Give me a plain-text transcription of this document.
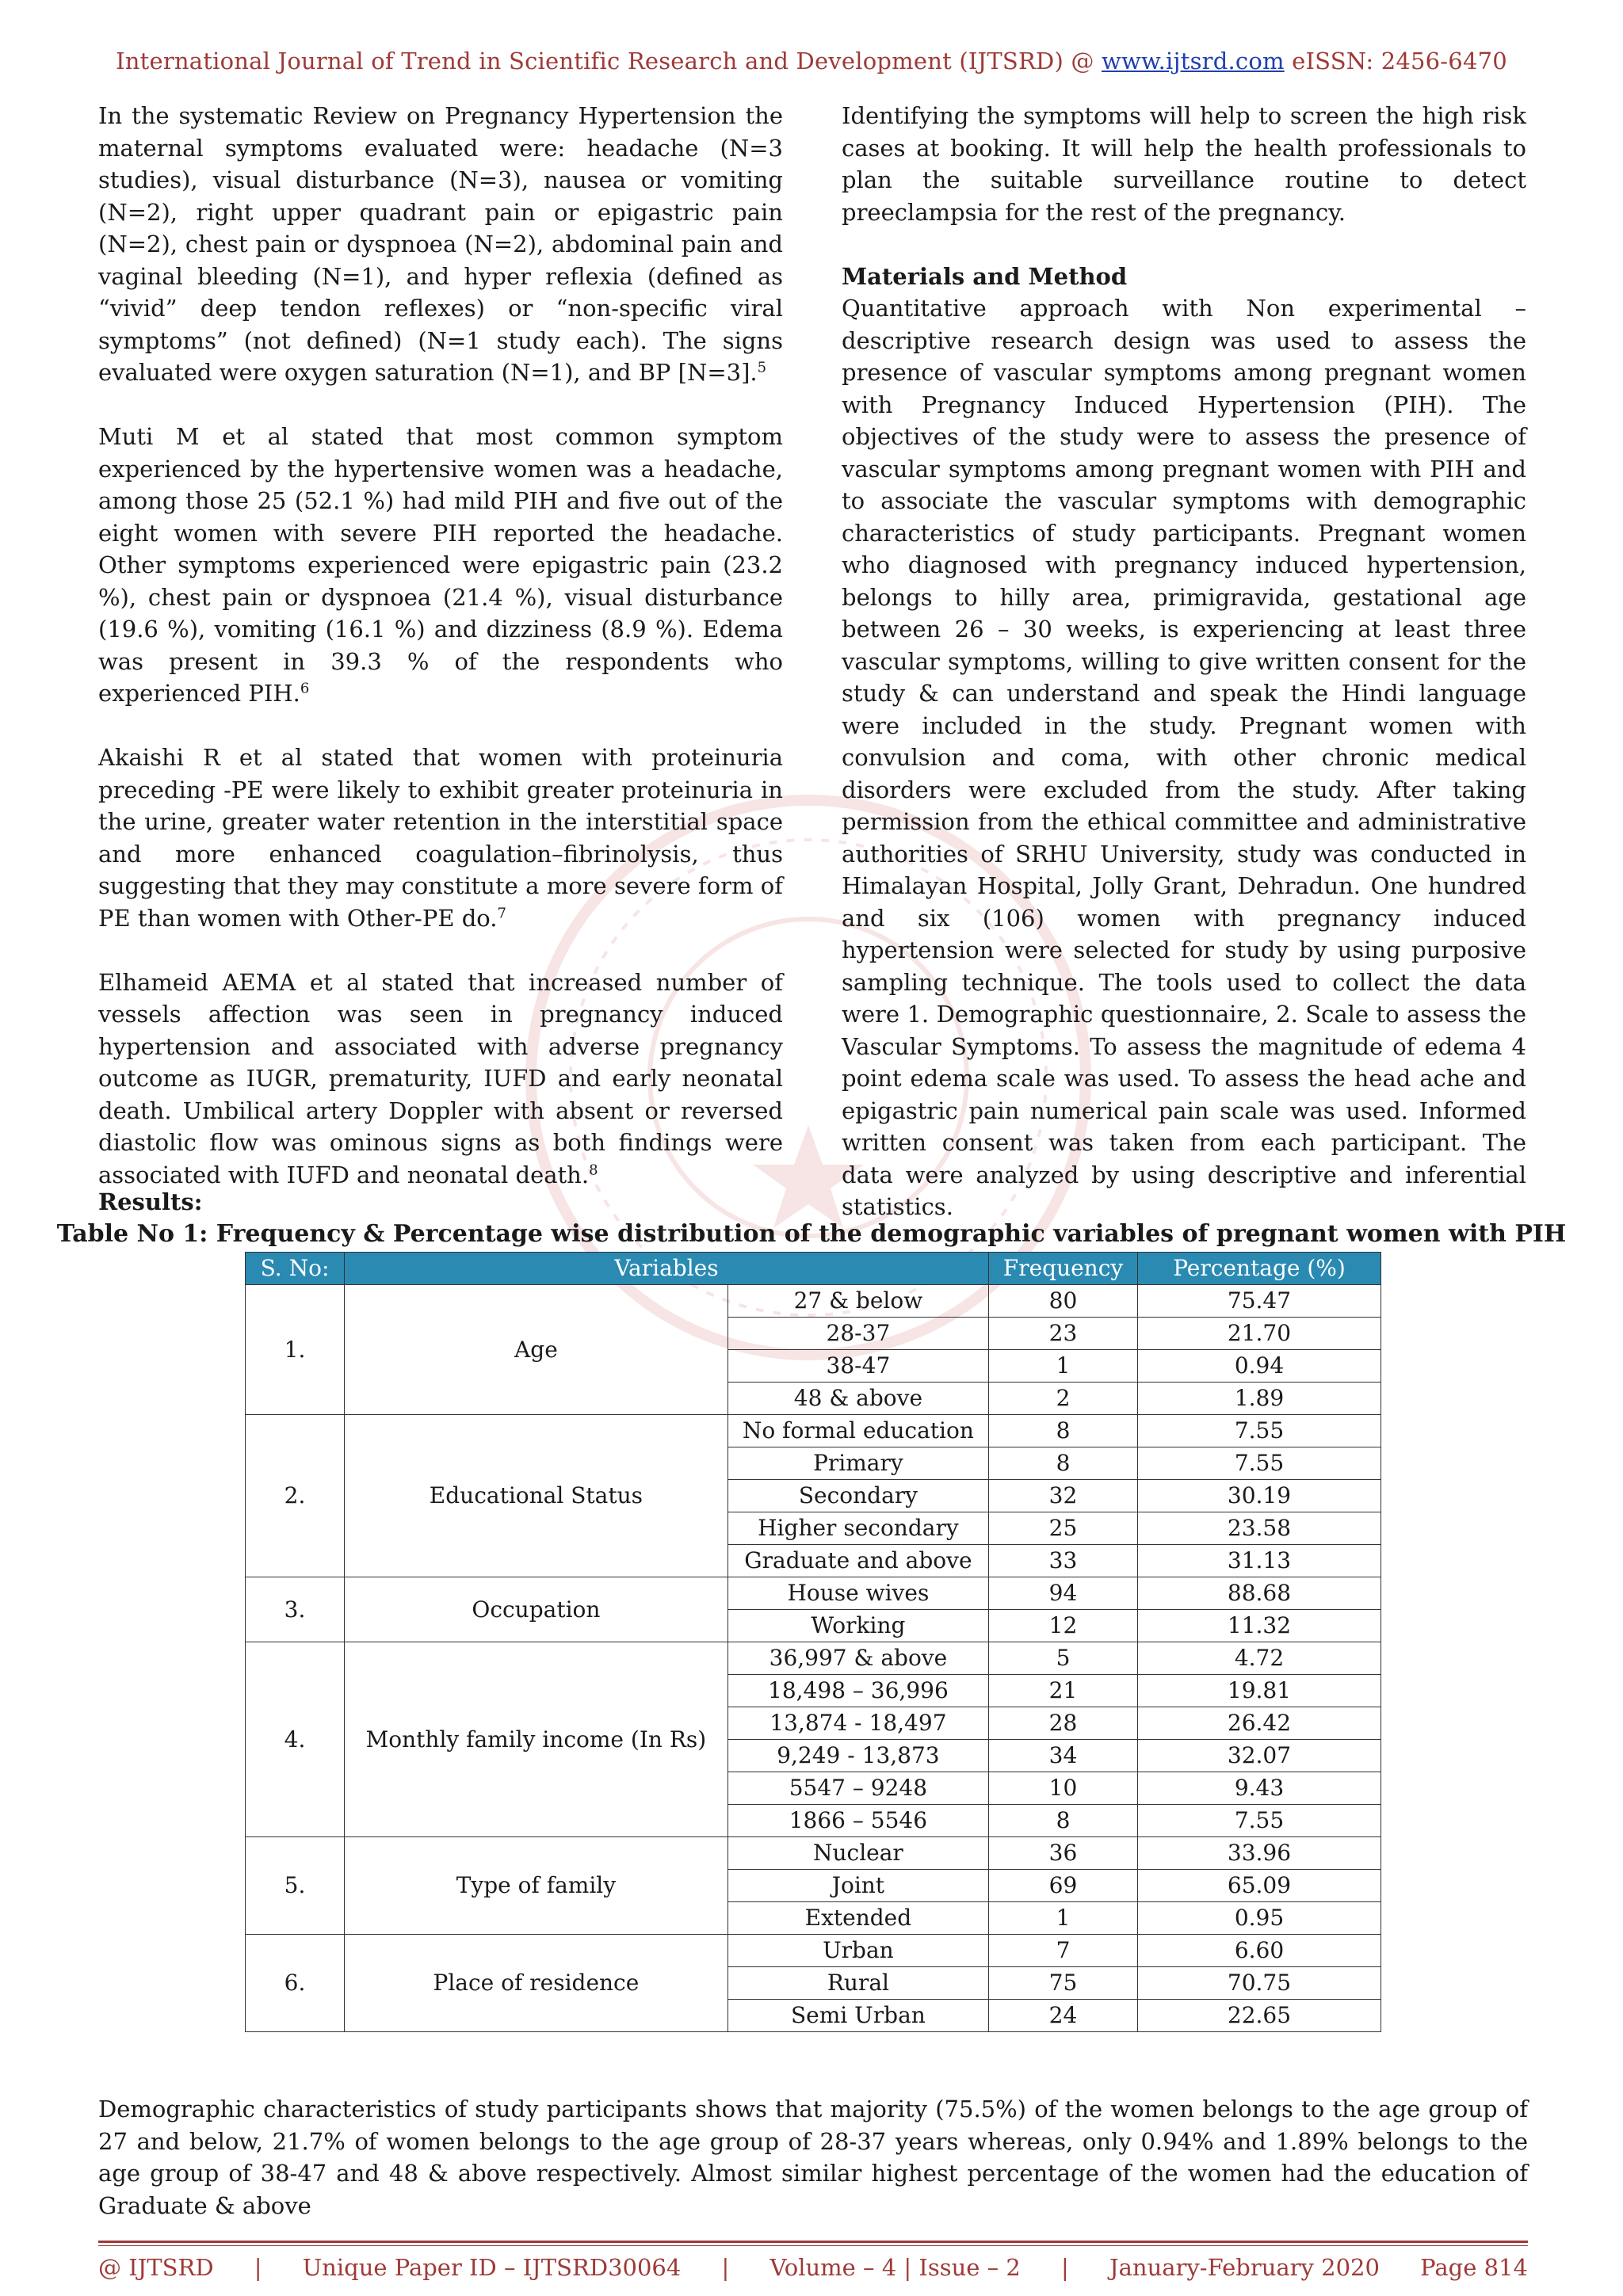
International Journal of Trend in Scientific Research and Development (IJTSRD) @ www.ijtsrd.com eISSN: 2456-6470

In the systematic Review on Pregnancy Hypertension the maternal symptoms evaluated were: headache (N=3 studies), visual disturbance (N=3), nausea or vomiting (N=2), right upper quadrant pain or epigastric pain (N=2), chest pain or dyspnoea (N=2), abdominal pain and vaginal bleeding (N=1), and hyper reflexia (defined as “vivid” deep tendon reflexes) or “non-specific viral symptoms” (not defined) (N=1 study each). The signs evaluated were oxygen saturation (N=1), and BP [N=3].$^5$

Muti M et al stated that most common symptom experienced by the hypertensive women was a headache, among those 25 (52.1 %) had mild PIH and five out of the eight women with severe PIH reported the headache. Other symptoms experienced were epigastric pain (23.2 %), chest pain or dyspnoea (21.4 %), visual disturbance (19.6 %), vomiting (16.1 %) and dizziness (8.9 %). Edema was present in 39.3 % of the respondents who experienced PIH.$^6$

Akaishi R et al stated that women with proteinuria preceding -PE were likely to exhibit greater proteinuria in the urine, greater water retention in the interstitial space and more enhanced coagulation–fibrinolysis, thus suggesting that they may constitute a more severe form of PE than women with Other-PE do.$^7$

Elhameid AEMA et al stated that increased number of vessels affection was seen in pregnancy induced hypertension and associated with adverse pregnancy outcome as IUGR, prematurity, IUFD and early neonatal death. Umbilical artery Doppler with absent or reversed diastolic flow was ominous signs as both findings were associated with IUFD and neonatal death.$^8$

Identifying the symptoms will help to screen the high risk cases at booking. It will help the health professionals to plan the suitable surveillance routine to detect preeclampsia for the rest of the pregnancy.

Materials and Method

Quantitative approach with Non experimental – descriptive research design was used to assess the presence of vascular symptoms among pregnant women with Pregnancy Induced Hypertension (PIH). The objectives of the study were to assess the presence of vascular symptoms among pregnant women with PIH and to associate the vascular symptoms with demographic characteristics of study participants. Pregnant women who diagnosed with pregnancy induced hypertension, belongs to hilly area, primigravida, gestational age between 26 – 30 weeks, is experiencing at least three vascular symptoms, willing to give written consent for the study & can understand and speak the Hindi language were included in the study. Pregnant women with convulsion and coma, with other chronic medical disorders were excluded from the study. After taking permission from the ethical committee and administrative authorities of SRHU University, study was conducted in Himalayan Hospital, Jolly Grant, Dehradun. One hundred and six (106) women with pregnancy induced hypertension were selected for study by using purposive sampling technique. The tools used to collect the data were 1. Demographic questionnaire, 2. Scale to assess the Vascular Symptoms. To assess the magnitude of edema 4 point edema scale was used. To assess the head ache and epigastric pain numerical pain scale was used. Informed written consent was taken from each participant. The data were analyzed by using descriptive and inferential statistics.

Results:

Table No 1: Frequency & Percentage wise distribution of the demographic variables of pregnant women with PIH

S. No:	Variables		Frequency	Percentage (%)
1.	Age	27 & below	80	75.47
		28-37	23	21.70
		38-47	1	0.94
		48 & above	2	1.89
2.	Educational Status	No formal education	8	7.55
		Primary	8	7.55
		Secondary	32	30.19
		Higher secondary	25	23.58
		Graduate and above	33	31.13
3.	Occupation	House wives	94	88.68
		Working	12	11.32
4.	Monthly family income (In Rs)	36,997 & above	5	4.72
		18,498 – 36,996	21	19.81
		13,874 - 18,497	28	26.42
		9,249 - 13,873	34	32.07
		5547 – 9248	10	9.43
		1866 – 5546	8	7.55
5.	Type of family	Nuclear	36	33.96
		Joint	69	65.09
		Extended	1	0.95
6.	Place of residence	Urban	7	6.60
		Rural	75	70.75
		Semi Urban	24	22.65

Demographic characteristics of study participants shows that majority (75.5%) of the women belongs to the age group of 27 and below, 21.7% of women belongs to the age group of 28-37 years whereas, only 0.94% and 1.89% belongs to the age group of 38-47 and 48 & above respectively. Almost similar highest percentage of the women had the education of Graduate & above

@ IJTSRD | Unique Paper ID – IJTSRD30064 | Volume – 4 | Issue – 2 | January-February 2020 Page 814
